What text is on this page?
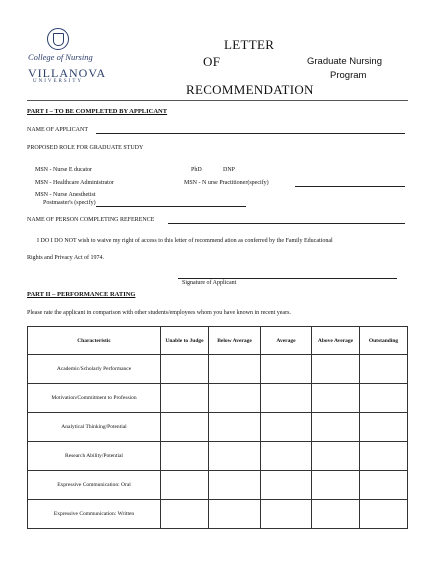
College of Nursing
VILLANOVA
UNIVERSITY
LETTER
OF
RECOMMENDATION
Graduate Nursing
Program
PART I – TO BE COMPLETED BY APPLICANT
NAME OF APPLICANT
PROPOSED ROLE FOR GRADUATE STUDY
MSN - Nurse E ducator	PhD	DNP
MSN - Healthcare Administrator	MSN - N urse Practitioner(specify)
MSN - Nurse Anesthetist
Postmaster's (specify)
NAME OF PERSON COMPLETING REFERENCE
I DO I DO NOT wish to waive my right of access to this letter of recommend ation as conferred by the Family Educational
Rights and Privacy Act of 1974.
Signature of Applicant
PART II – PERFORMANCE RATING
Please rate the applicant in comparison with other students/employees whom you have known in recent years.
Characteristic	Unable to Judge	Below Average	Average	Above Average	Outstanding
Academic/Scholarly Performance					
Motivation/Commitment to Profession					
Analytical Thinking/Potential					
Research Ability/Potential					
Expressive Communication: Oral					
Expressive Communication: Written					
